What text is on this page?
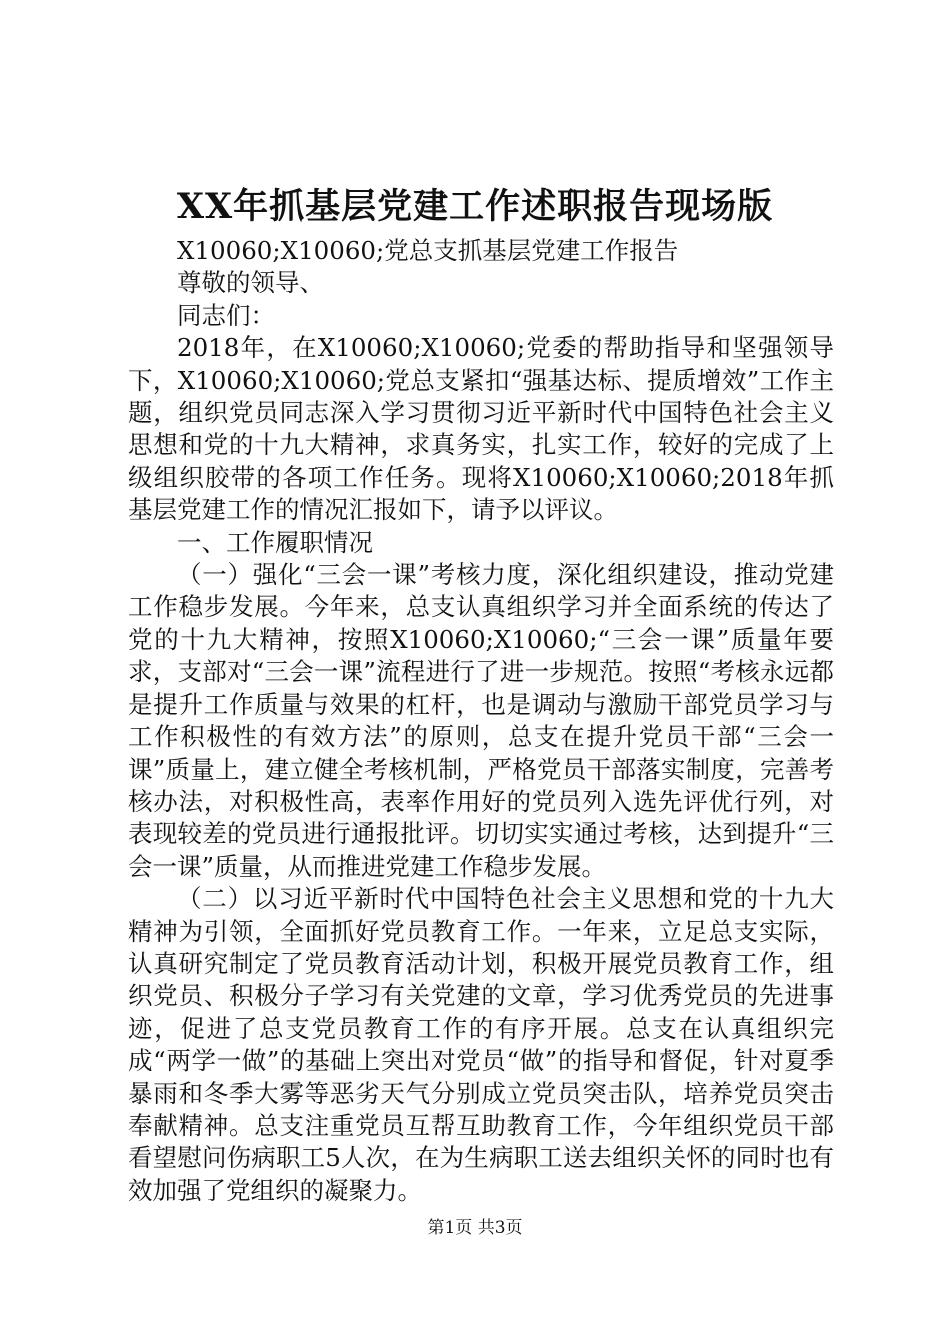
XX年抓基层党建工作述职报告现场版

X10060;X10060;党总支抓基层党建工作报告

尊敬的领导、

同志们：

2018年，在X10060;X10060;党委的帮助指导和坚强领导下，X10060;X10060;党总支紧扣“强基达标、提质增效”工作主题，组织党员同志深入学习贯彻习近平新时代中国特色社会主义思想和党的十九大精神，求真务实，扎实工作，较好的完成了上级组织胶带的各项工作任务。现将X10060;X10060;2018年抓基层党建工作的情况汇报如下，请予以评议。

一、工作履职情况

（一）强化“三会一课”考核力度，深化组织建设，推动党建工作稳步发展。今年来，总支认真组织学习并全面系统的传达了党的十九大精神，按照X10060;X10060;“三会一课”质量年要求，支部对“三会一课”流程进行了进一步规范。按照“考核永远都是提升工作质量与效果的杠杆，也是调动与激励干部党员学习与工作积极性的有效方法”的原则，总支在提升党员干部“三会一课”质量上，建立健全考核机制，严格党员干部落实制度，完善考核办法，对积极性高，表率作用好的党员列入选先评优行列，对表现较差的党员进行通报批评。切切实实通过考核，达到提升“三会一课”质量，从而推进党建工作稳步发展。

（二）以习近平新时代中国特色社会主义思想和党的十九大精神为引领，全面抓好党员教育工作。一年来，立足总支实际，认真研究制定了党员教育活动计划，积极开展党员教育工作，组织党员、积极分子学习有关党建的文章，学习优秀党员的先进事迹，促进了总支党员教育工作的有序开展。总支在认真组织完成“两学一做”的基础上突出对党员“做”的指导和督促，针对夏季暴雨和冬季大雾等恶劣天气分别成立党员突击队，培养党员突击奉献精神。总支注重党员互帮互助教育工作，今年组织党员干部看望慰问伤病职工5人次，在为生病职工送去组织关怀的同时也有效加强了党组织的凝聚力。

第1页 共3页
